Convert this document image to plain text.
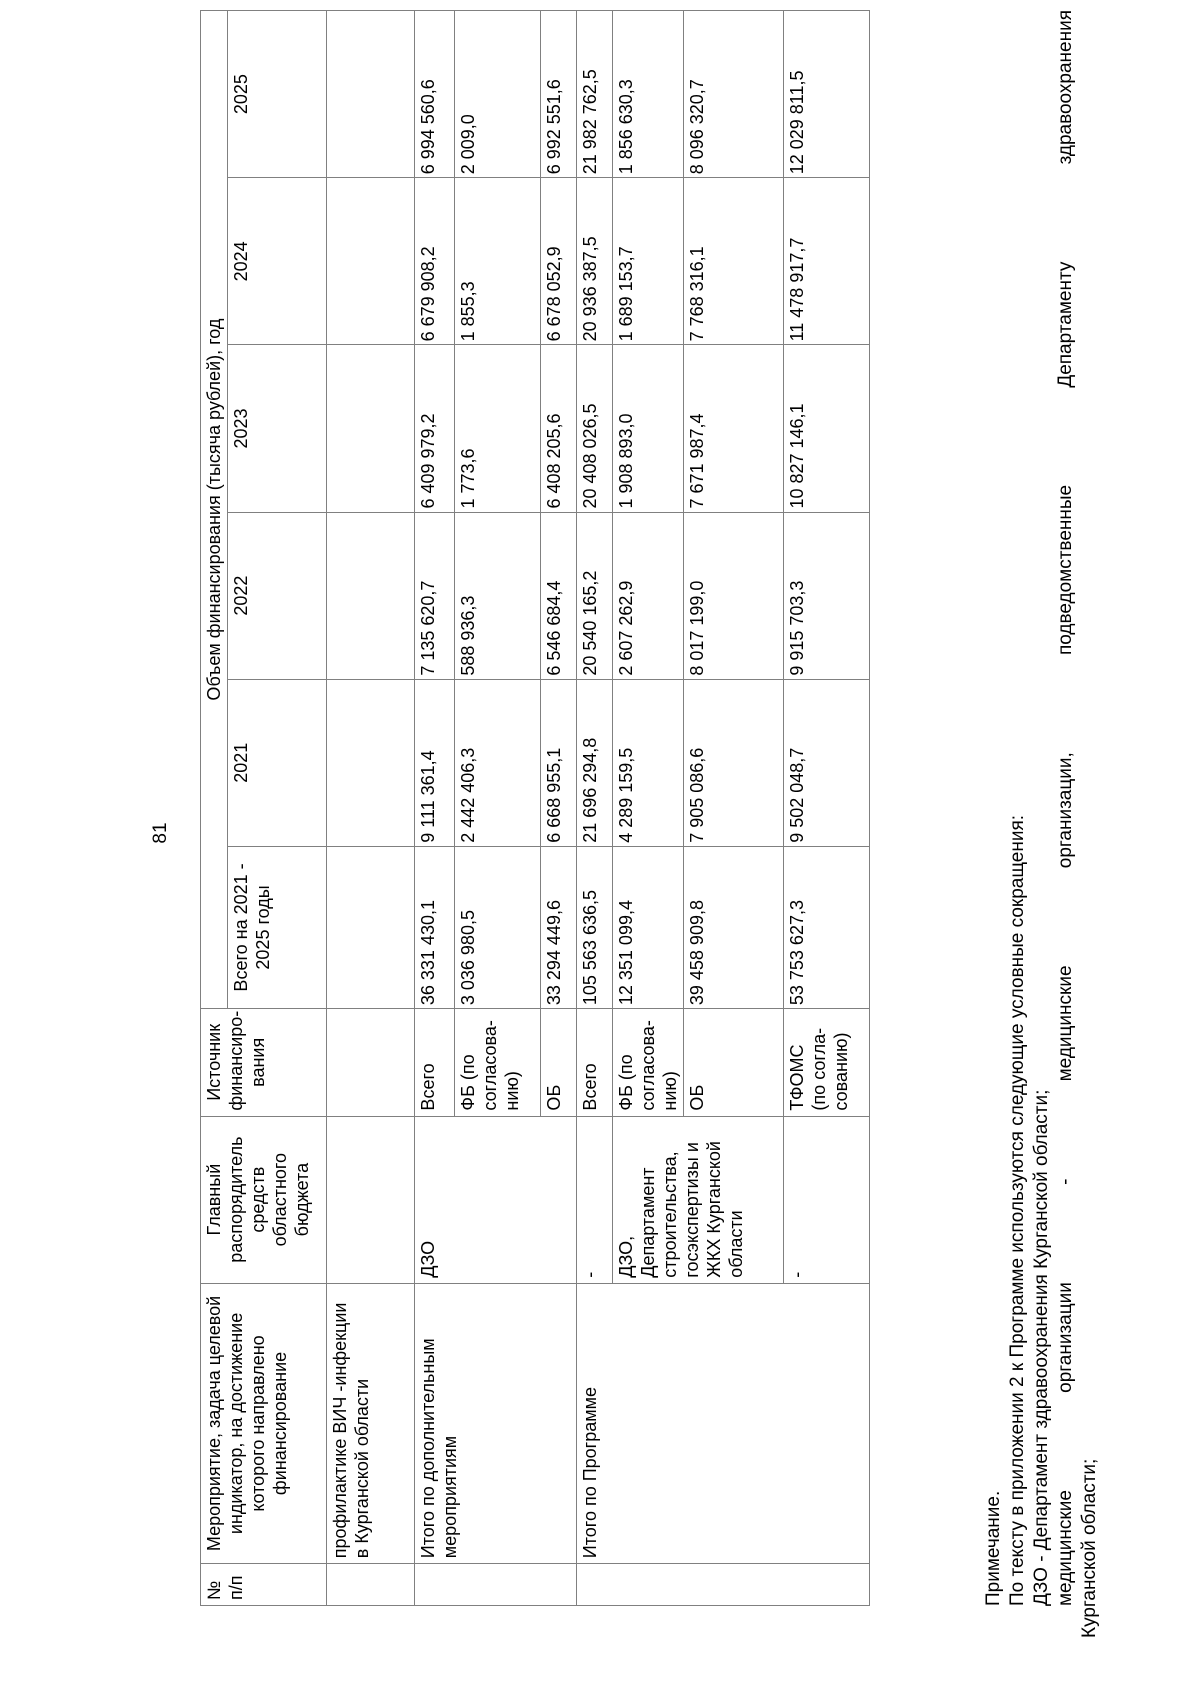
81
№ п/п	Мероприятие, задача целевой индикатор, на достижение которого направлено финансирование	Главный распорядитель средств областного бюджета	Источник финансиро-вания	Объем финансирования (тысяча рублей), год					
				Всего на 2021 - 2025 годы	2021	2022	2023	2024	2025
	профилактике ВИЧ -инфекции в Курганской области								
	Итого по дополнительным мероприятиям	ДЗО	Всего	36 331 430,1	9 111 361,4	7 135 620,7	6 409 979,2	6 679 908,2	6 994 560,6
			ФБ (по согласова-нию)	3 036 980,5	2 442 406,3	588 936,3	1 773,6	1 855,3	2 009,0
			ОБ	33 294 449,6	6 668 955,1	6 546 684,4	6 408 205,6	6 678 052,9	6 992 551,6
	Итого по Программе	-	Всего	105 563 636,5	21 696 294,8	20 540 165,2	20 408 026,5	20 936 387,5	21 982 762,5
		ДЗО, Департамент строительства, госэкспертизы и ЖКХ Курганской области	ФБ (по согласова-нию)	12 351 099,4	4 289 159,5	2 607 262,9	1 908 893,0	1 689 153,7	1 856 630,3
			ОБ	39 458 909,8	7 905 086,6	8 017 199,0	7 671 987,4	7 768 316,1	8 096 320,7
		-	ТФОМС (по согла-сованию)	53 753 627,3	9 502 048,7	9 915 703,3	10 827 146,1	11 478 917,7	12 029 811,5

Примечание. По тексту в приложении 2 к Программе используются следующие условные сокращения: ДЗО - Департамент здравоохранения Курганской области; медицинские организации - медицинские организации, подведомственные Департаменту здравоохранения Курганской области;
